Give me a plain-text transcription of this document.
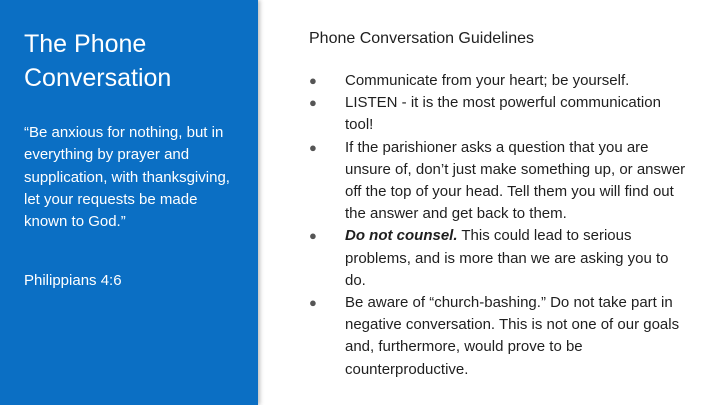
The Phone
Conversation

“Be anxious for nothing, but in everything by prayer and supplication, with thanksgiving, let your requests be made known to God.”

Philippians 4:6

Phone Conversation Guidelines
●	Communicate from your heart; be yourself.
●	LISTEN - it is the most powerful communication tool!
●	If the parishioner asks a question that you are unsure of, don’t just make something up, or answer off the top of your head. Tell them you will find out the answer and get back to them.
●	Do not counsel. This could lead to serious problems, and is more than we are asking you to do.
●	Be aware of “church-bashing.” Do not take part in negative conversation. This is not one of our goals and, furthermore, would prove to be counterproductive.
